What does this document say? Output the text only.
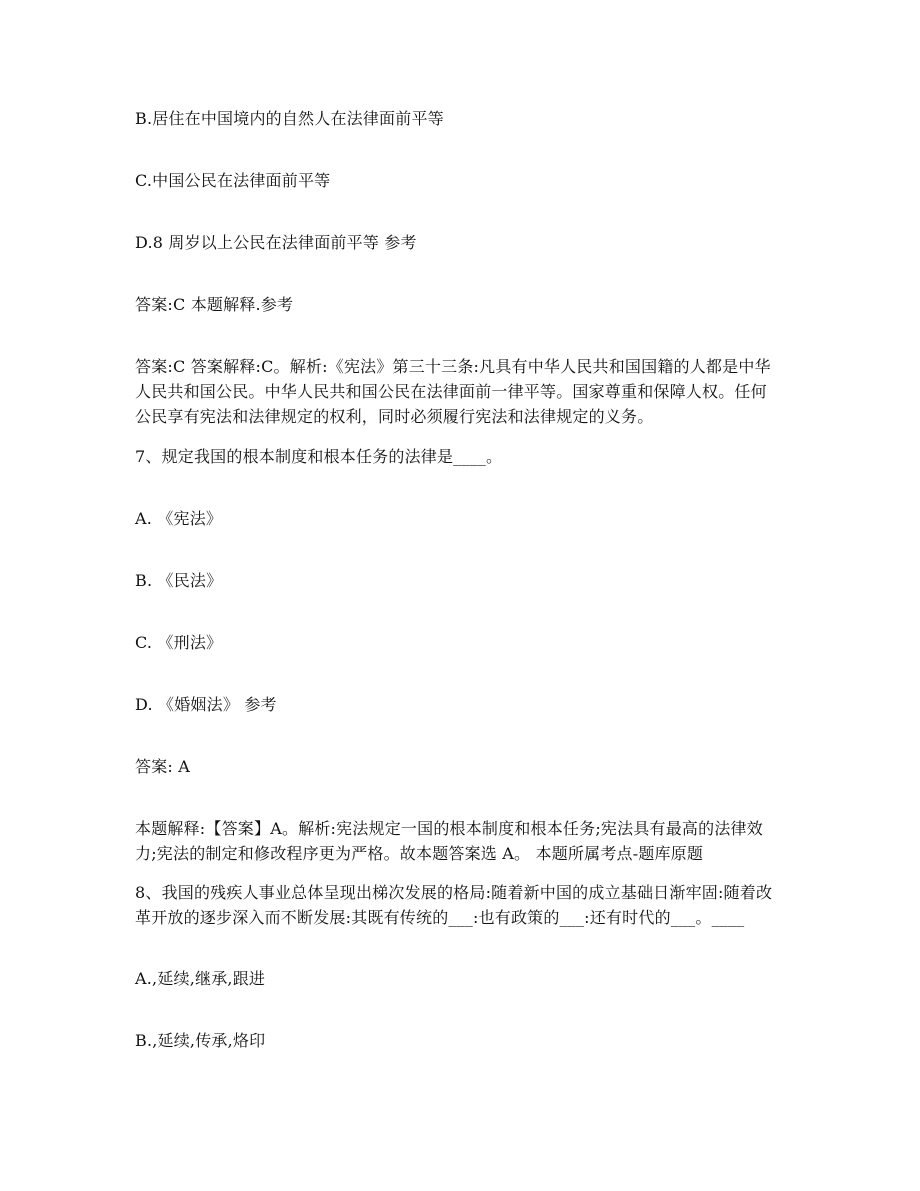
B.居住在中国境内的自然人在法律面前平等
C.中国公民在法律面前平等
D.8 周岁以上公民在法律面前平等 参考
答案:C 本题解释.参考
答案:C 答案解释:C。解析:《宪法》第三十三条:凡具有中华人民共和国国籍的人都是中华
人民共和国公民。中华人民共和国公民在法律面前一律平等。国家尊重和保障人权。任何
公民享有宪法和法律规定的权利，同时必须履行宪法和法律规定的义务。
7、规定我国的根本制度和根本任务的法律是____。
A. 《宪法》
B. 《民法》
C. 《刑法》
D. 《婚姻法》 参考
答案: A
本题解释:【答案】A。解析:宪法规定一国的根本制度和根本任务;宪法具有最高的法律效
力;宪法的制定和修改程序更为严格。故本题答案选 A。 本题所属考点-题库原题
8、我国的残疾人事业总体呈现出梯次发展的格局:随着新中国的成立基础日渐牢固:随着改
革开放的逐步深入而不断发展:其既有传统的___:也有政策的___:还有时代的___。____
A.,延续,继承,跟进
B.,延续,传承,烙印
